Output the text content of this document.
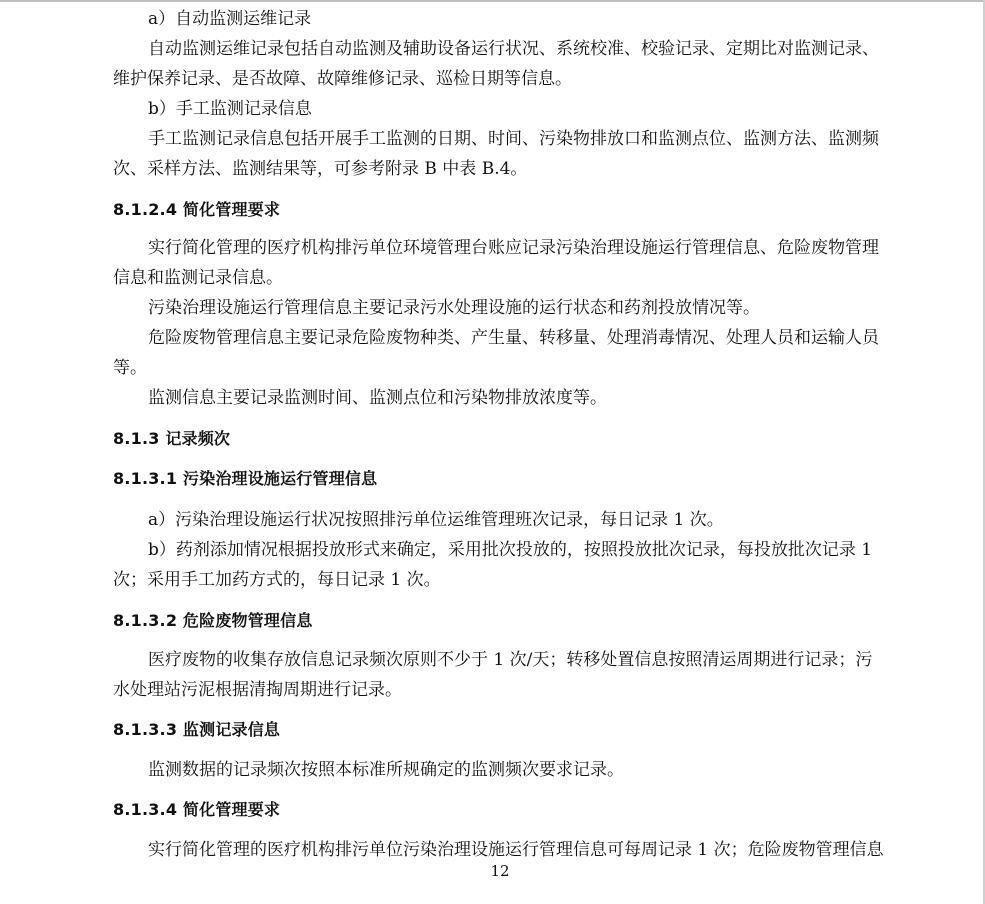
a）自动监测运维记录
自动监测运维记录包括自动监测及辅助设备运行状况、系统校准、校验记录、定期比对监测记录、
维护保养记录、是否故障、故障维修记录、巡检日期等信息。
b）手工监测记录信息
手工监测记录信息包括开展手工监测的日期、时间、污染物排放口和监测点位、监测方法、监测频
次、采样方法、监测结果等，可参考附录 B 中表 B.4。
8.1.2.4 简化管理要求
实行简化管理的医疗机构排污单位环境管理台账应记录污染治理设施运行管理信息、危险废物管理
信息和监测记录信息。
污染治理设施运行管理信息主要记录污水处理设施的运行状态和药剂投放情况等。
危险废物管理信息主要记录危险废物种类、产生量、转移量、处理消毒情况、处理人员和运输人员
等。
监测信息主要记录监测时间、监测点位和污染物排放浓度等。
8.1.3 记录频次
8.1.3.1 污染治理设施运行管理信息
a）污染治理设施运行状况按照排污单位运维管理班次记录，每日记录 1 次。
b）药剂添加情况根据投放形式来确定，采用批次投放的，按照投放批次记录，每投放批次记录 1
次；采用手工加药方式的，每日记录 1 次。
8.1.3.2 危险废物管理信息
医疗废物的收集存放信息记录频次原则不少于 1 次/天；转移处置信息按照清运周期进行记录；污
水处理站污泥根据清掏周期进行记录。
8.1.3.3 监测记录信息
监测数据的记录频次按照本标准所规确定的监测频次要求记录。
8.1.3.4 简化管理要求
实行简化管理的医疗机构排污单位污染治理设施运行管理信息可每周记录 1 次；危险废物管理信息
12
